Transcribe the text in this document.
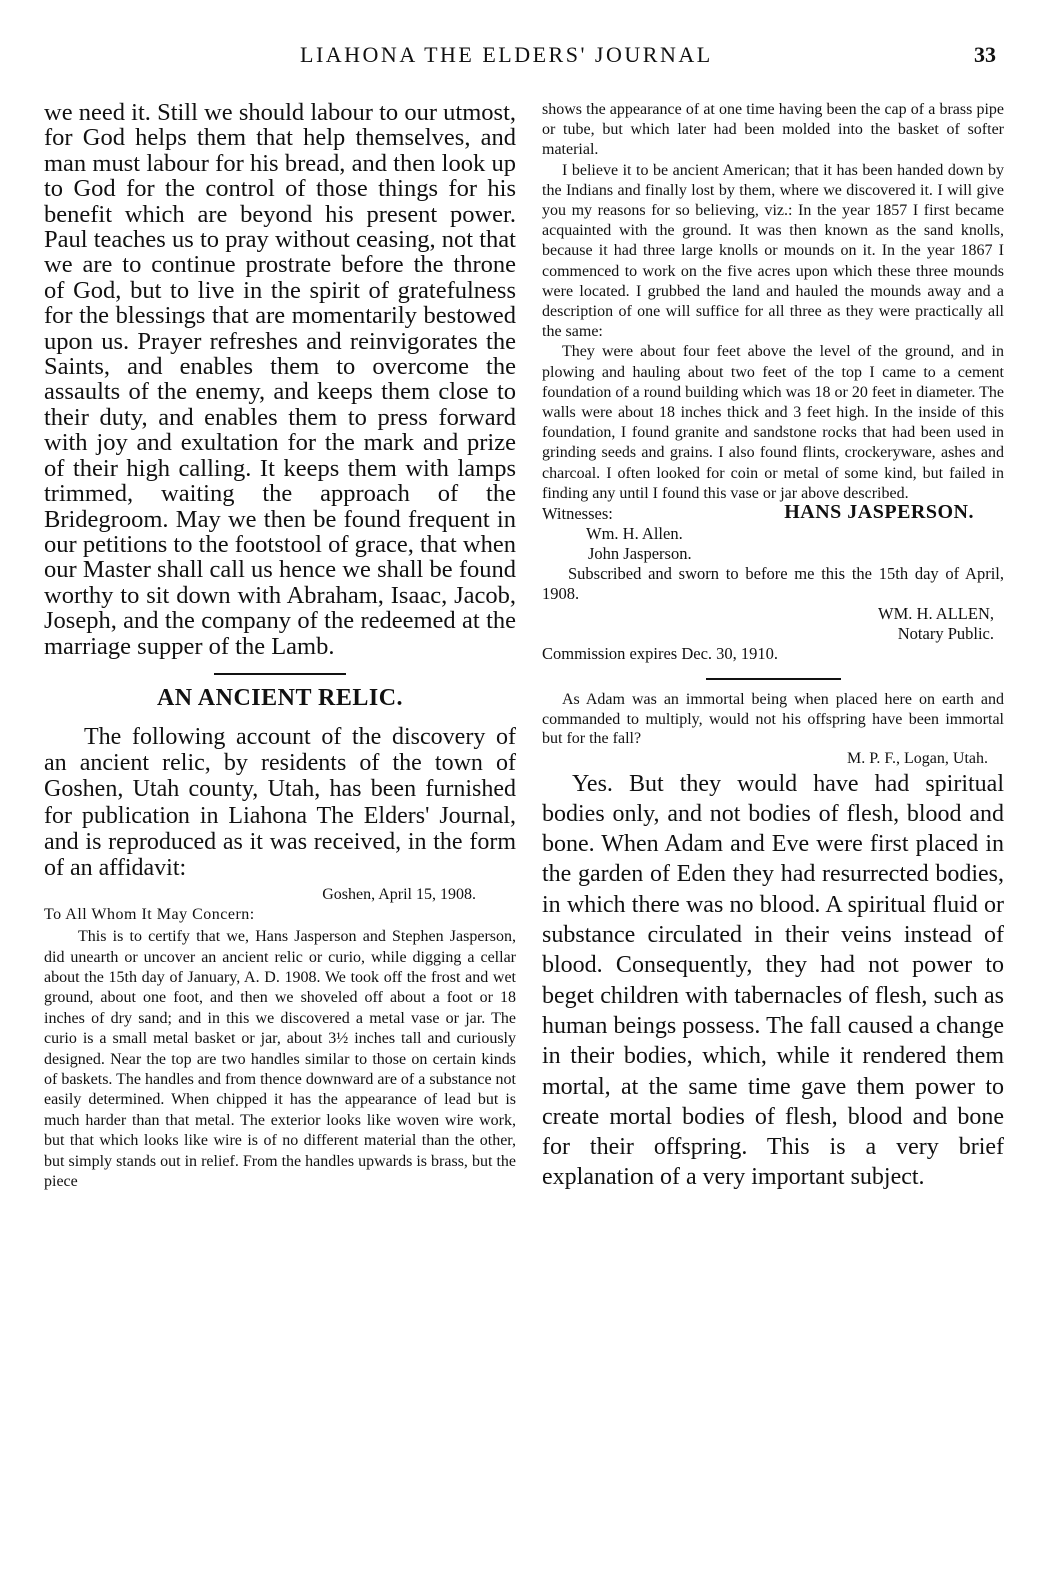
LIAHONA THE ELDERS' JOURNAL	33

we need it. Still we should labour to our utmost, for God helps them that help themselves, and man must labour for his bread, and then look up to God for the control of those things for his benefit which are beyond his present power. Paul teaches us to pray without ceasing, not that we are to continue prostrate before the throne of God, but to live in the spirit of gratefulness for the blessings that are momentarily bestowed upon us. Prayer refreshes and reinvigorates the Saints, and enables them to overcome the assaults of the enemy, and keeps them close to their duty, and enables them to press forward with joy and exultation for the mark and prize of their high calling. It keeps them with lamps trimmed, waiting the approach of the Bridegroom. May we then be found frequent in our petitions to the footstool of grace, that when our Master shall call us hence we shall be found worthy to sit down with Abraham, Isaac, Jacob, Joseph, and the company of the redeemed at the marriage supper of the Lamb.

AN ANCIENT RELIC.

The following account of the discovery of an ancient relic, by residents of the town of Goshen, Utah county, Utah, has been furnished for publication in Liahona The Elders' Journal, and is reproduced as it was received, in the form of an affidavit:

Goshen, April 15, 1908.
To All Whom It May Concern:

This is to certify that we, Hans Jasperson and Stephen Jasperson, did unearth or uncover an ancient relic or curio, while digging a cellar about the 15th day of January, A. D. 1908. We took off the frost and wet ground, about one foot, and then we shoveled off about a foot or 18 inches of dry sand; and in this we discovered a metal vase or jar. The curio is a small metal basket or jar, about 3½ inches tall and curiously designed. Near the top are two handles similar to those on certain kinds of baskets. The handles and from thence downward are of a substance not easily determined. When chipped it has the appearance of lead but is much harder than that metal. The exterior looks like woven wire work, but that which looks like wire is of no different material than the other, but simply stands out in relief. From the handles upwards is brass, but the piece

shows the appearance of at one time having been the cap of a brass pipe or tube, but which later had been molded into the basket of softer material.

I believe it to be ancient American; that it has been handed down by the Indians and finally lost by them, where we discovered it. I will give you my reasons for so believing, viz.: In the year 1857 I first became acquainted with the ground. It was then known as the sand knolls, because it had three large knolls or mounds on it. In the year 1867 I commenced to work on the five acres upon which these three mounds were located. I grubbed the land and hauled the mounds away and a description of one will suffice for all three as they were practically all the same:

They were about four feet above the level of the ground, and in plowing and hauling about two feet of the top I came to a cement foundation of a round building which was 18 or 20 feet in diameter. The walls were about 18 inches thick and 3 feet high. In the inside of this foundation, I found granite and sandstone rocks that had been used in grinding seeds and grains. I also found flints, crockeryware, ashes and charcoal. I often looked for coin or metal of some kind, but failed in finding any until I found this vase or jar above described.

Witnesses:	HANS JASPERSON.
Wm. H. Allen.
John Jasperson.

Subscribed and sworn to before me this the 15th day of April, 1908.

WM. H. ALLEN,
Notary Public.

Commission expires Dec. 30, 1910.

As Adam was an immortal being when placed here on earth and commanded to multiply, would not his offspring have been immortal but for the fall?

M. P. F., Logan, Utah.

Yes. But they would have had spiritual bodies only, and not bodies of flesh, blood and bone. When Adam and Eve were first placed in the garden of Eden they had resurrected bodies, in which there was no blood. A spiritual fluid or substance circulated in their veins instead of blood. Consequently, they had not power to beget children with tabernacles of flesh, such as human beings possess. The fall caused a change in their bodies, which, while it rendered them mortal, at the same time gave them power to create mortal bodies of flesh, blood and bone for their offspring. This is a very brief explanation of a very important subject.
